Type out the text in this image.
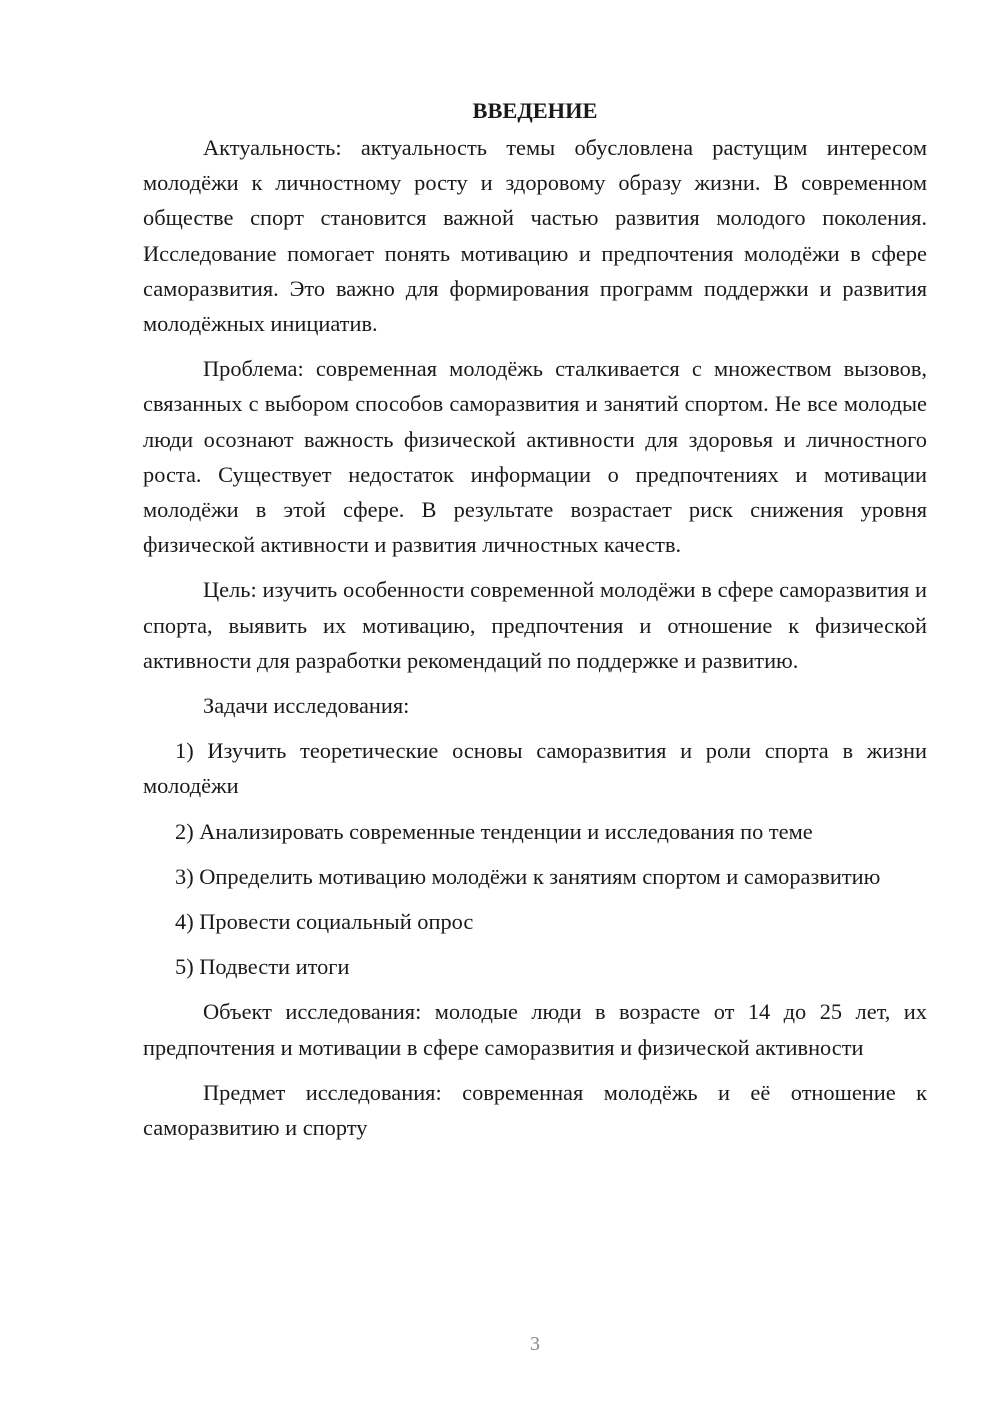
ВВЕДЕНИЕ

Актуальность: актуальность темы обусловлена растущим интересом молодёжи к личностному росту и здоровому образу жизни. В современном обществе спорт становится важной частью развития молодого поколения. Исследование помогает понять мотивацию и предпочтения молодёжи в сфере саморазвития. Это важно для формирования программ поддержки и развития молодёжных инициатив.

Проблема: современная молодёжь сталкивается с множеством вызовов, связанных с выбором способов саморазвития и занятий спортом. Не все молодые люди осознают важность физической активности для здоровья и личностного роста. Существует недостаток информации о предпочтениях и мотивации молодёжи в этой сфере. В результате возрастает риск снижения уровня физической активности и развития личностных качеств.

Цель: изучить особенности современной молодёжи в сфере саморазвития и спорта, выявить их мотивацию, предпочтения и отношение к физической активности для разработки рекомендаций по поддержке и развитию.

Задачи исследования:

1) Изучить теоретические основы саморазвития и роли спорта в жизни молодёжи

2) Анализировать современные тенденции и исследования по теме

3) Определить мотивацию молодёжи к занятиям спортом и саморазвитию

4) Провести социальный опрос

5) Подвести итоги

Объект исследования: молодые люди в возрасте от 14 до 25 лет, их предпочтения и мотивации в сфере саморазвития и физической активности

Предмет исследования: современная молодёжь и её отношение к саморазвитию и спорту

3
